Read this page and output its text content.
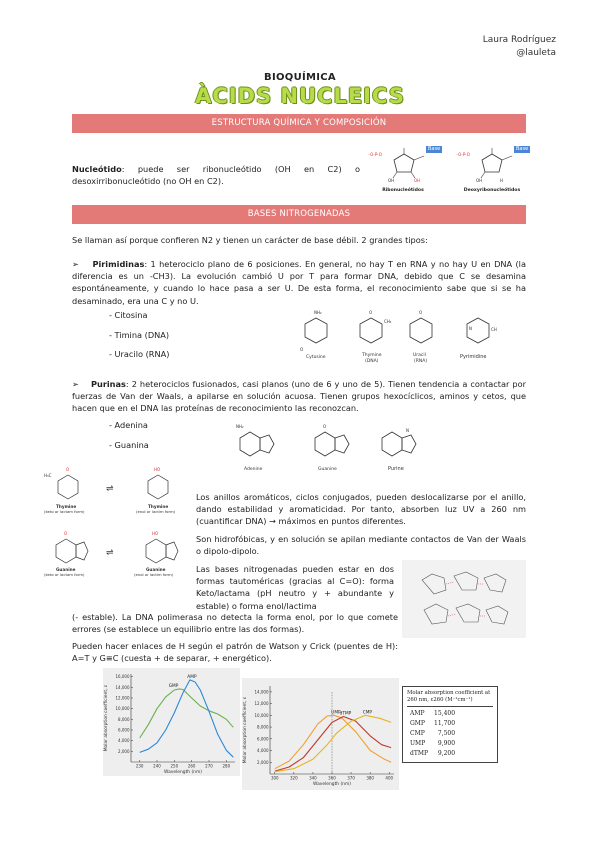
Laura Rodríguez
@lauleta
BIOQUÍMICA
ÀCIDS NUCLEICS
ESTRUCTURA QUÍMICA Y COMPOSICIÓN
Nucleótido: puede ser ribonucleótido (OH en C2) o desoxirribonucleótido (no OH en C2).
⁻O-P-O
OH
OH
Base
Ribonucleótidos
⁻O-P-O
H
OH
Base
Deoxyribonucleótidos
BASES NITROGENADAS
Se llaman así porque confieren N2 y tienen un carácter de base débil. 2 grandes tipos:
➢ Pirimidinas: 1 heterociclo plano de 6 posiciones. En general, no hay T en RNA y no hay U en DNA (la diferencia es un -CH3). La evolución cambió U por T para formar DNA, debido que C se desamina espontáneamente, y cuando lo hace pasa a ser U. De esta forma, el reconocimiento sabe que si se ha desaminado, era una C y no U.
- Citosina
- Timina (DNA)
- Uracilo (RNA)
NH₂
O
O
CH₃
O
N	CH
Cytosine	Thymine
(DNA)
Uracil
(RNA)
Pyrimidine
➢ Purinas: 2 heterociclos fusionados, casi planos (uno de 6 y uno de 5). Tienen tendencia a contactar por fuerzas de Van der Waals, a apilarse en solución acuosa. Tienen grupos hexocíclicos, aminos y cetos, que hacen que en el DNA las proteínas de reconocimiento las reconozcan.
- Adenina
- Guanina
NH₂	O
N
Adenine	Guanine	Purine
O
H₃C
⇌
HO
O
⇌
HO
Thymine
(keto or lactam form)
Thymine
(enol or lactim form)
Guanine
(keto or lactam form)
Guanine
(enol or lactim form)
Los anillos aromáticos, ciclos conjugados, pueden deslocalizarse por el anillo, dando estabilidad y aromaticidad. Por tanto, absorben luz UV a 260 nm (cuantificar DNA) → máximos en puntos diferentes.
Son hidrofóbicas, y en solución se apilan mediante contactos de Van der Waals o dipolo-dipolo.
Las bases nitrogenadas pueden estar en dos formas tautoméricas (gracias al C=O): forma Keto/lactama (pH neutro y + abundante y estable) o forma enol/lactima
(- estable). La DNA polimerasa no detecta la forma enol, por lo que comete errores (se establece un equilibrio entre las dos formas).
Pueden hacer enlaces de H según el patrón de Watson y Crick (puentes de H): A=T y G≡C (cuesta + de separar, + energético).
2,000
4,000
6,000
8,000
10,000
12,000
14,000
16,000
230 240 250 260 270 280
GMP
AMP
Wavelength (nm)
Molar absorption coefficient, ε
2,000
4,000
6,000
8,000
10,000
12,000
14,000
300	320	340	360	370	380	400
UMP
dTMP	CMP
Wavelength (nm)
Molar absorption coefficient, ε
Molar absorption coefficient at 260 nm, ε260 (M⁻¹cm⁻¹)
AMP	15,400
GMP	11,700
CMP	7,500
UMP	9,900
dTMP	9,200
